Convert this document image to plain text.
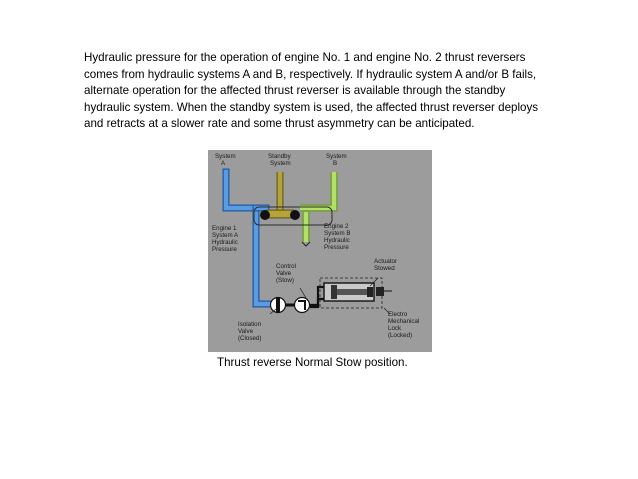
Hydraulic pressure for the operation of engine No. 1 and engine No. 2 thrust reversers
comes from hydraulic systems A and B, respectively. If hydraulic system A and/or B fails,
alternate operation for the affected thrust reverser is available through the standby
hydraulic system. When the standby system is used, the affected thrust reverser deploys
and retracts at a slower rate and some thrust asymmetry can be anticipated.
System A
Standby System
System B
Engine 1 System A Hydraulic Pressure
Engine 2 System B Hydraulic Pressure
Control Valve (Stow)
Actuator Stowed
Isolation Valve (Closed)
Electro Mechanical Lock (Locked)
Thrust reverse Normal Stow position.
